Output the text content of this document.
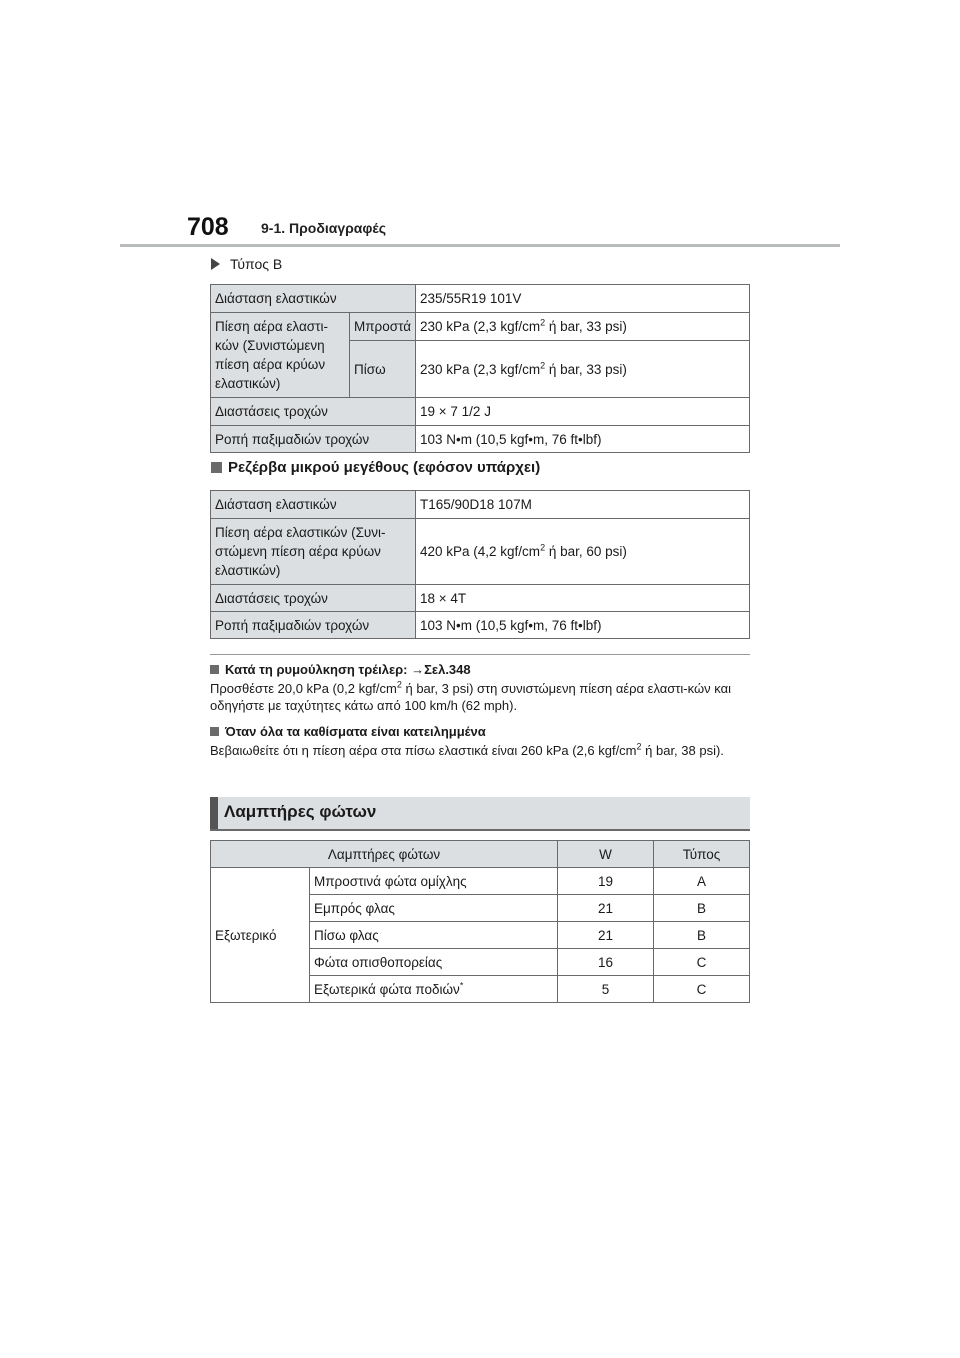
708 9-1. Προδιαγραφές
Τύπος B
Διάσταση ελαστικών		235/55R19 101V
Πίεση αέρα ελαστι-
κών (Συνιστώμενη
πίεση αέρα κρύων
ελαστικών)	Μπροστά	230 kPa (2,3 kgf/$cm^2$ ή bar, 33 psi)
	Πίσω	230 kPa (2,3 kgf/$cm^2$ ή bar, 33 psi)
Διαστάσεις τροχών		19 × 7 1/2 J
Ροπή παξιμαδιών τροχών		103 N•m (10,5 kgf•m, 76 ft•lbf)
Ρεζέρβα μικρού μεγέθους (εφόσον υπάρχει)
Διάσταση ελαστικών	T165/90D18 107M
Πίεση αέρα ελαστικών (Συνι-
στώμενη πίεση αέρα κρύων
ελαστικών)	420 kPa (4,2 kgf/$cm^2$ ή bar, 60 psi)
Διαστάσεις τροχών	18 × 4T
Ροπή παξιμαδιών τροχών	103 N•m (10,5 kgf•m, 76 ft•lbf)
Κατά τη ρυμούλκηση τρέιλερ: →Σελ.348
Προσθέστε 20,0 kPa (0,2 kgf/$cm^2$ ή bar, 3 psi) στη συνιστώμενη πίεση αέρα ελαστι-κών και οδηγήστε με ταχύτητες κάτω από 100 km/h (62 mph).
Όταν όλα τα καθίσματα είναι κατειλημμένα
Βεβαιωθείτε ότι η πίεση αέρα στα πίσω ελαστικά είναι 260 kPa (2,6 kgf/$cm^2$ ή bar, 38 psi).
Λαμπτήρες φώτων
Λαμπτήρες φώτων		W	Τύπος
Εξωτερικό	Μπροστινά φώτα ομίχλης	19	A
	Εμπρός φλας	21	B
	Πίσω φλας	21	B
	Φώτα οπισθοπορείας	16	C
	Εξωτερικά φώτα ποδιών*	5	C
